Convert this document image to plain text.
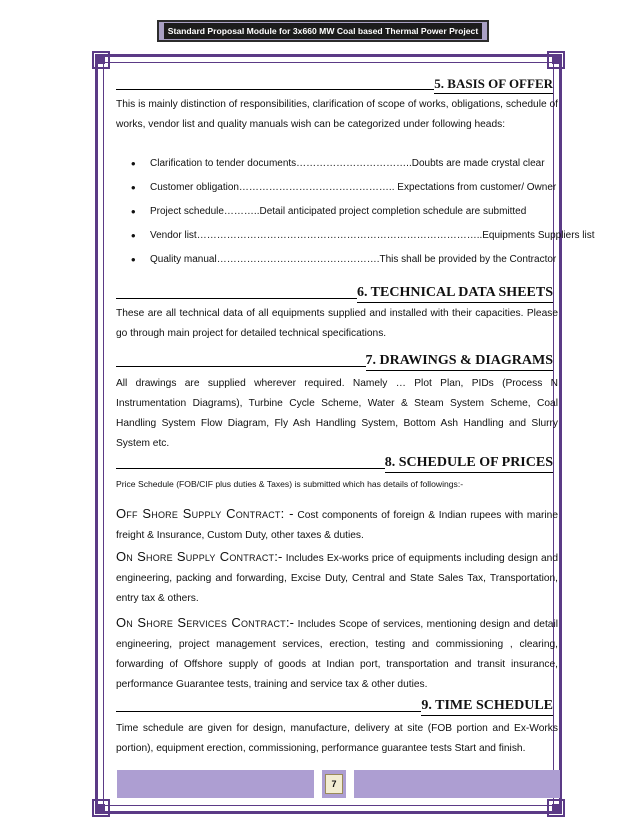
Standard Proposal Module for 3x660 MW Coal based Thermal Power Project
5. BASIS OF OFFER
This is mainly distinction of responsibilities, clarification of scope of works, obligations, schedule of works, vendor list and quality manuals wish can be categorized under following heads:
• Clarification to tender documents……………………………..Doubts are made crystal clear
• Customer obligation……………………………………….. Expectations from customer/ Owner
• Project schedule………..Detail anticipated project completion schedule are submitted
• Vendor list…………………………………………………………………………..Equipments Suppliers list
• Quality manual………………………………………….This shall be provided by the Contractor
6. TECHNICAL DATA SHEETS
These are all technical data of all equipments supplied and installed with their capacities. Please go through main project for detailed technical specifications.
7. DRAWINGS & DIAGRAMS
All drawings are supplied wherever required. Namely … Plot Plan, PIDs (Process N Instrumentation Diagrams), Turbine Cycle Scheme, Water & Steam System Scheme, Coal Handling System Flow Diagram, Fly Ash Handling System, Bottom Ash Handling and Slurry System etc.
8. SCHEDULE OF PRICES
Price Schedule (FOB/CIF plus duties & Taxes) is submitted which has details of followings:-
Off Shore Supply Contract: - Cost components of foreign & Indian rupees with marine freight & Insurance, Custom Duty, other taxes & duties.
On Shore Supply Contract:- Includes Ex-works price of equipments including design and engineering, packing and forwarding, Excise Duty, Central and State Sales Tax, Transportation, entry tax & others.
On Shore Services Contract:- Includes Scope of services, mentioning design and detail engineering, project management services, erection, testing and commissioning , clearing, forwarding of Offshore supply of goods at Indian port, transportation and transit insurance, performance Guarantee tests, training and service tax & other duties.
9. TIME SCHEDULE
Time schedule are given for design, manufacture, delivery at site (FOB portion and Ex-Works portion), equipment erection, commissioning, performance guarantee tests Start and finish.
7
